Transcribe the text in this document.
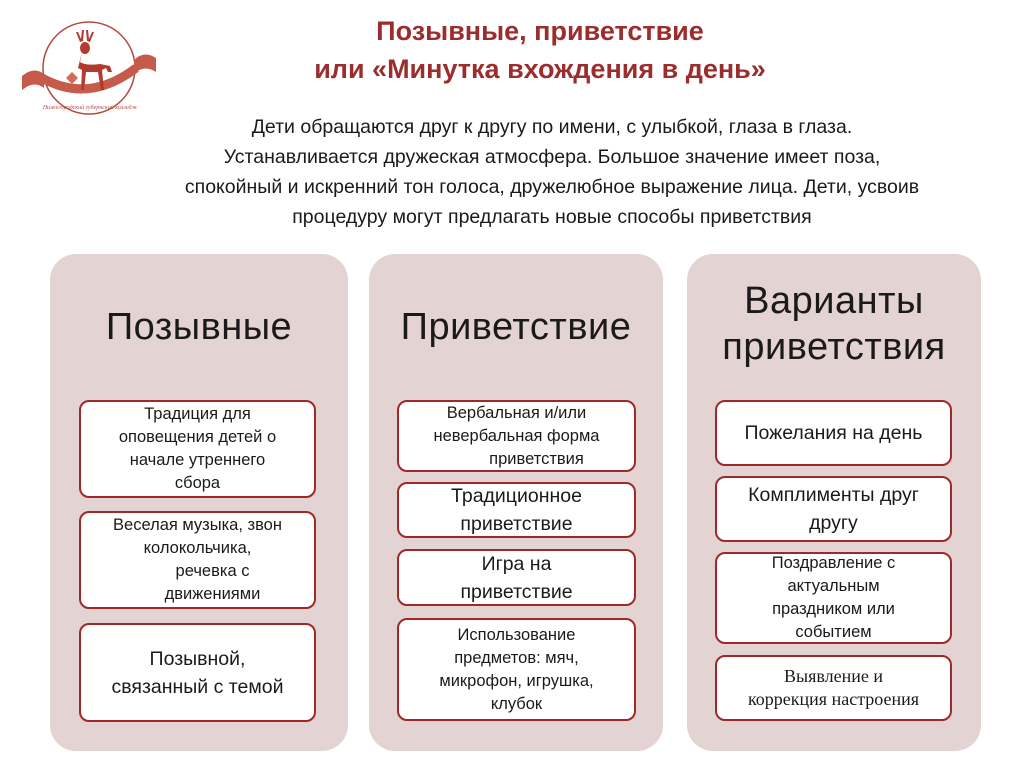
Позывные, приветствие
или «Минутка вхождения в день»
Дети обращаются друг к другу по имени, с улыбкой, глаза в глаза.
Устанавливается дружеская атмосфера. Большое значение имеет поза,
спокойный и искренний тон голоса, дружелюбное выражение лица. Дети, усвоив
процедуру могут предлагать новые способы приветствия
Позывные
Традиция для
оповещения детей о
начале утреннего
сбора
Веселая музыка, звон
колокольчика,
речевка с
движениями
Позывной,
связанный с темой
Приветствие
Вербальная и/или
невербальная форма
приветствия
Традиционное
приветствие
Игра на
приветствие
Использование
предметов: мяч,
микрофон, игрушка,
клубок
Варианты
приветствия
Пожелания на день
Комплименты друг
другу
Поздравление с
актуальным
праздником или
событием
Выявление и
коррекция настроения
Нижегородский губернский колледж
